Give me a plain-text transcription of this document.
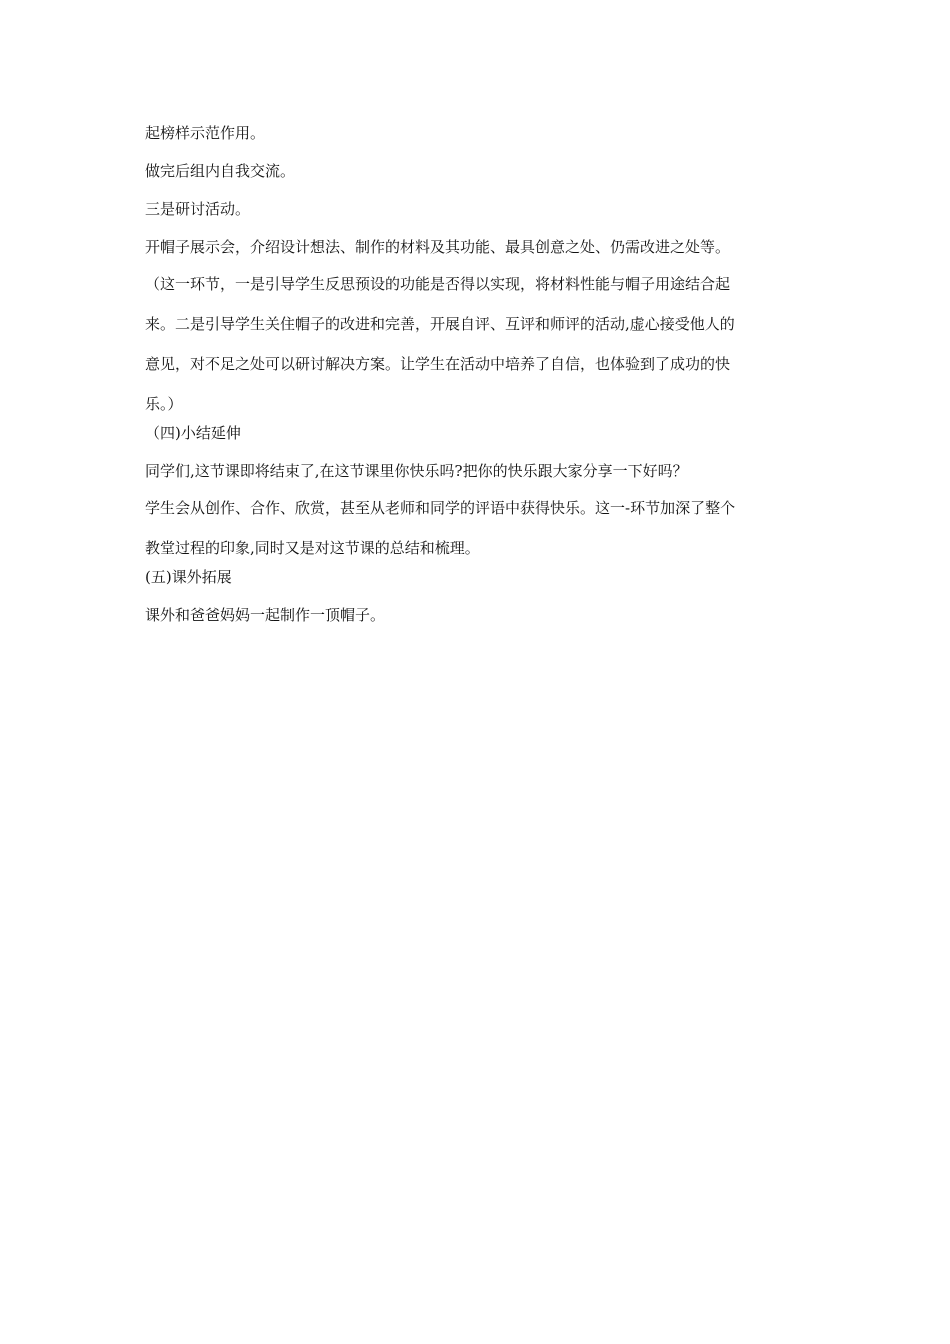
起榜样示范作用。

做完后组内自我交流。

三是研讨活动。

开帽子展示会，介绍设计想法、制作的材料及其功能、最具创意之处、仍需改进之处等。

（这一环节，一是引导学生反思预设的功能是否得以实现，将材料性能与帽子用途结合起
来。二是引导学生关住帽子的改进和完善，开展自评、互评和师评的活动,虚心接受他人的
意见，对不足之处可以研讨解决方案。让学生在活动中培养了自信，也体验到了成功的快
乐。）

（四)小结延伸

同学们,这节课即将结束了,在这节课里你快乐吗?把你的快乐跟大家分享一下好吗？

学生会从创作、合作、欣赏，甚至从老师和同学的评语中获得快乐。这一-环节加深了整个
教堂过程的印象,同时又是对这节课的总结和梳理。

(五)课外拓展

课外和爸爸妈妈一起制作一顶帽子。
